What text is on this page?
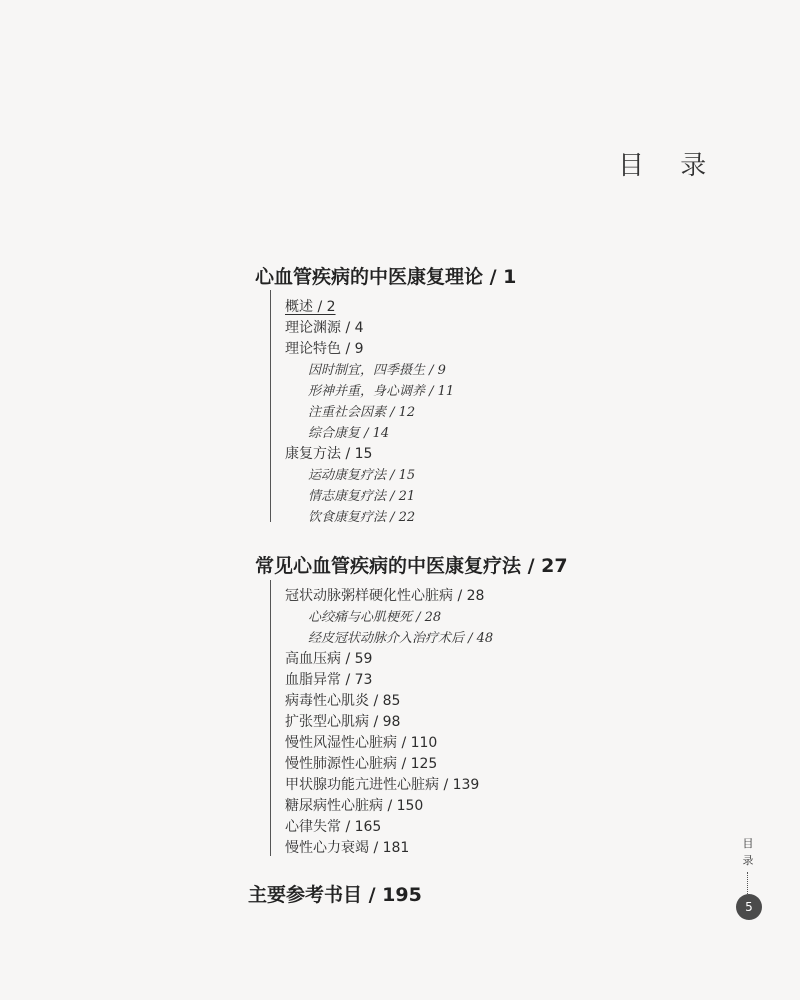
目 录
心血管疾病的中医康复理论 / 1
概述 / 2
理论渊源 / 4
理论特色 / 9
因时制宜，四季摄生 / 9
形神并重，身心调养 / 11
注重社会因素 / 12
综合康复 / 14
康复方法 / 15
运动康复疗法 / 15
情志康复疗法 / 21
饮食康复疗法 / 22
常见心血管疾病的中医康复疗法 / 27
冠状动脉粥样硬化性心脏病 / 28
心绞痛与心肌梗死 / 28
经皮冠状动脉介入治疗术后 / 48
高血压病 / 59
血脂异常 / 73
病毒性心肌炎 / 85
扩张型心肌病 / 98
慢性风湿性心脏病 / 110
慢性肺源性心脏病 / 125
甲状腺功能亢进性心脏病 / 139
糖尿病性心脏病 / 150
心律失常 / 165
慢性心力衰竭 / 181
主要参考书目 / 195
目
录
5
